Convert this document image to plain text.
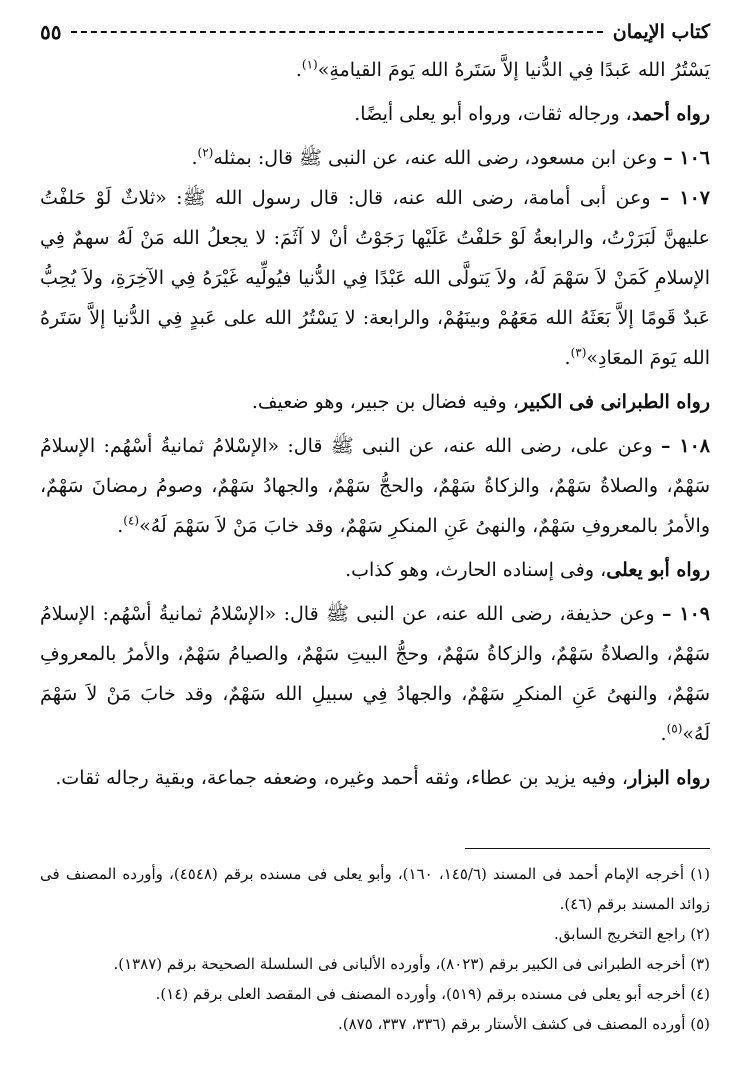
كتاب الإيمان
٥٥

يَسْتُرُ الله عَبدًا فِي الدُّنيا إلاَّ سَتَرهُ الله يَومَ القيامةِ»$^{(١)}$.

رواه أحمد، ورجاله ثقات، ورواه أبو يعلى أيضًا.

١٠٦ – وعن ابن مسعود، رضى الله عنه، عن النبى ﷺ قال: بمثله$^{(٢)}$.

١٠٧ – وعن أبى أمامة، رضى الله عنه، قال: قال رسول الله ﷺ: «ثلاثٌ لَوْ حَلفْتُ عليهنَّ لَبَرَرْتُ، والرابعةُ لَوْ حَلفْتُ عَلَيْها رَجَوْتُ أنْ لا آثَمَ: لا يجعلُ الله مَنْ لَهُ سهمٌ فِي الإسلامِ كَمَنْ لاَ سَهْمَ لَهُ، ولاَ يَتولَّى الله عَبْدًا فِي الدُّنيا فيُولِّيه غَيْرَهُ فِي الآخِرَةِ، ولاَ يُحِبُّ عَبدٌ قَومًا إلاَّ بَعَثَهُ الله مَعَهُمْ وبينَهُمْ، والرابعة: لا يَسْتُرُ الله على عَبدٍ فِي الدُّنيا إلاَّ سَتَرهُ الله يَومَ المعَادِ»$^{(٣)}$.

رواه الطبرانى فى الكبير، وفيه فضال بن جبير، وهو ضعيف.

١٠٨ – وعن على، رضى الله عنه، عن النبى ﷺ قال: «الإسْلامُ ثمانيةُ أسْهُم: الإسلامُ سَهْمٌ، والصلاةُ سَهْمٌ، والزكاةُ سَهْمٌ، والحجُّ سَهْمٌ، والجهادُ سَهْمٌ، وصومُ رمضانَ سَهْمٌ، والأمرُ بالمعروفِ سَهْمٌ، والنهىُ عَنِ المنكرِ سَهْمٌ، وقد خابَ مَنْ لاَ سَهْمَ لَهُ»$^{(٤)}$.

رواه أبو يعلى، وفى إسناده الحارث، وهو كذاب.

١٠٩ – وعن حذيفة، رضى الله عنه، عن النبى ﷺ قال: «الإسْلامُ ثمانيةُ أسْهُم: الإسلامُ سَهْمٌ، والصلاةُ سَهْمٌ، والزكاةُ سَهْمٌ، وحجُّ البيتِ سَهْمٌ، والصيامُ سَهْمٌ، والأمرُ بالمعروفِ سَهْمٌ، والنهىُ عَنِ المنكرِ سَهْمٌ، والجهادُ فِي سبيلِ الله سَهْمٌ، وقد خابَ مَنْ لاَ سَهْمَ لَهُ»$^{(٥)}$.

رواه البزار، وفيه يزيد بن عطاء، وثقه أحمد وغيره، وضعفه جماعة، وبقية رجاله ثقات.

(١) أخرجه الإمام أحمد فى المسند (١٤٥/٦، ١٦٠)، وأبو يعلى فى مسنده برقم (٤٥٤٨)، وأورده المصنف فى زوائد المسند برقم (٤٦).

(٢) راجع التخريج السابق.

(٣) أخرجه الطبرانى فى الكبير برقم (٨٠٢٣)، وأورده الألبانى فى السلسلة الصحيحة برقم (١٣٨٧).

(٤) أخرجه أبو يعلى فى مسنده برقم (٥١٩)، وأورده المصنف فى المقصد العلى برقم (١٤).

(٥) أورده المصنف فى كشف الأستار برقم (٣٣٦، ٣٣٧، ٨٧٥).
